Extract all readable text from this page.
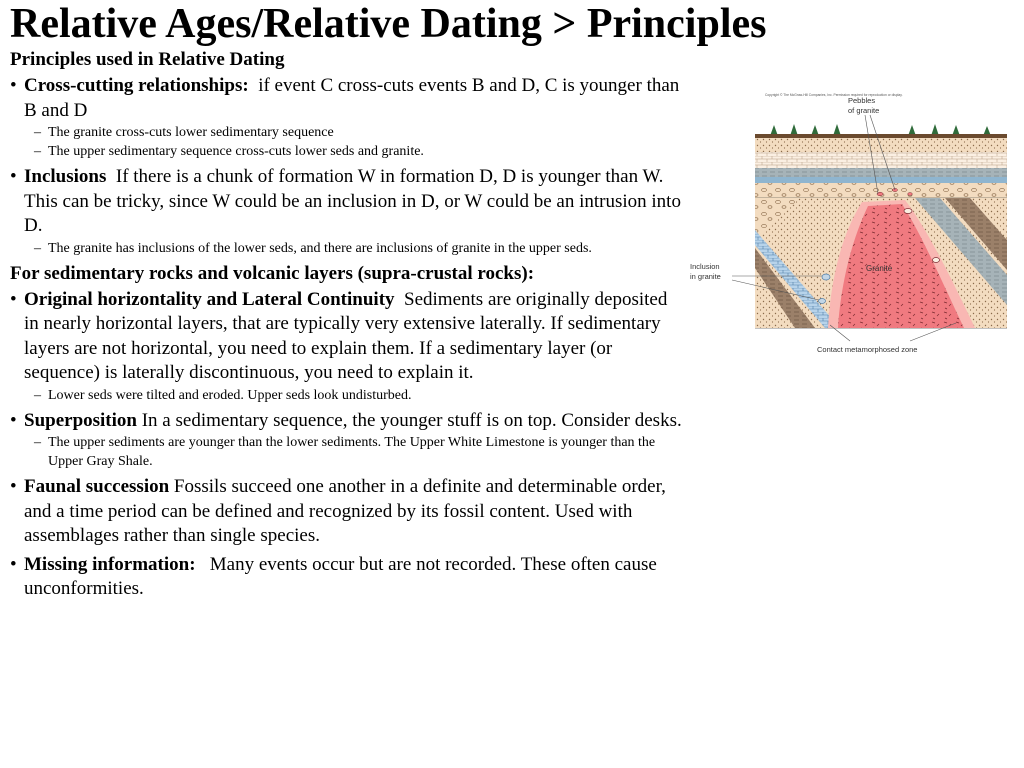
Relative Ages/Relative Dating > Principles
Principles used in Relative Dating
• Cross-cutting relationships: if event C cross-cuts events B and D, C is younger than B and D
– The granite cross-cuts lower sedimentary sequence
– The upper sedimentary sequence cross-cuts lower seds and granite.
• Inclusions If there is a chunk of formation W in formation D, D is younger than W. This can be tricky, since W could be an inclusion in D, or W could be an intrusion into D.
– The granite has inclusions of the lower seds, and there are inclusions of granite in the upper seds.
For sedimentary rocks and volcanic layers (supra-crustal rocks):
• Original horizontality and Lateral Continuity Sediments are originally deposited in nearly horizontal layers, that are typically very extensive laterally. If sedimentary layers are not horizontal, you need to explain them. If a sedimentary layer (or sequence) is laterally discontinuous, you need to explain it.
– Lower seds were tilted and eroded. Upper seds look undisturbed.
• Superposition In a sedimentary sequence, the younger stuff is on top. Consider desks.
– The upper sediments are younger than the lower sediments. The Upper White Limestone is younger than the Upper Gray Shale.
• Faunal succession Fossils succeed one another in a definite and determinable order, and a time period can be defined and recognized by its fossil content. Used with assemblages rather than single species.
• Missing information: Many events occur but are not recorded. These often cause unconformities.
Copyright © The McGraw-Hill Companies, Inc. Permission required for reproduction or display.
Pebbles
of granite
Inclusion
in granite
Granite
Contact metamorphosed zone
